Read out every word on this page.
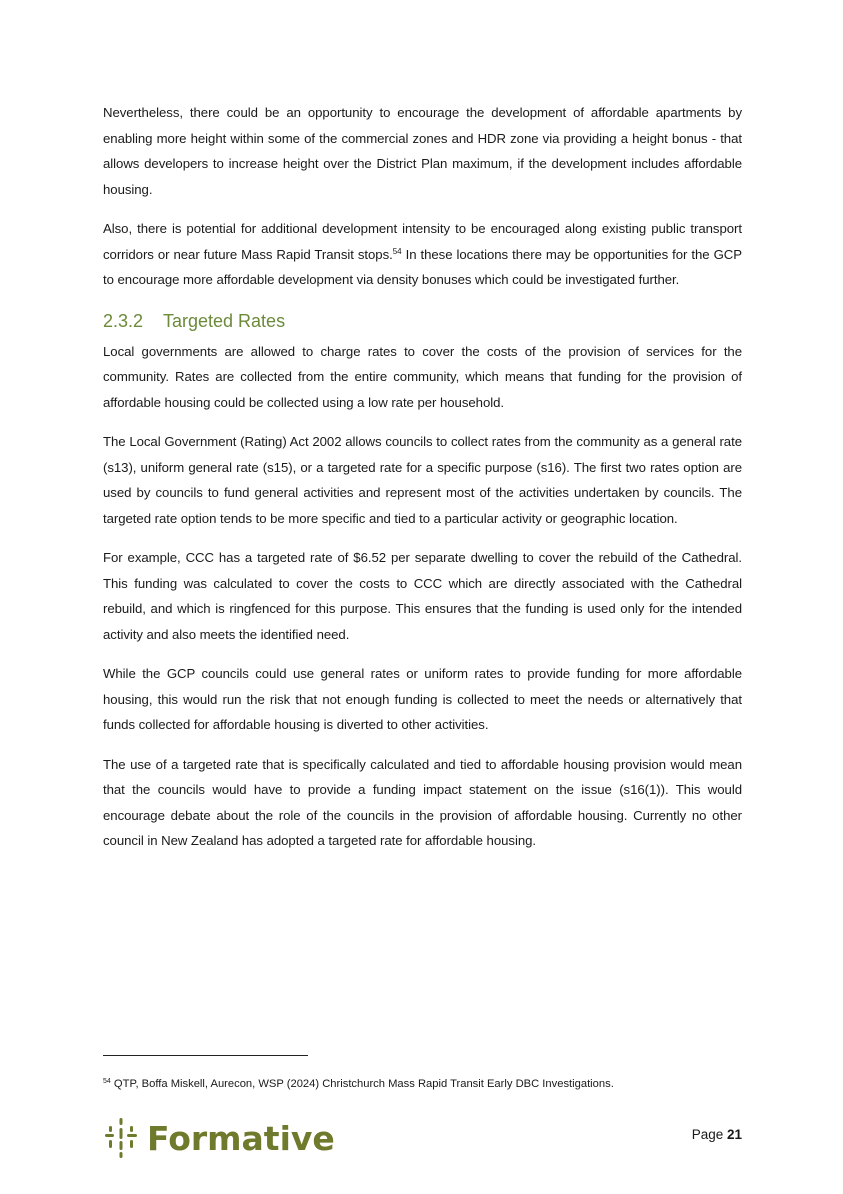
Nevertheless, there could be an opportunity to encourage the development of affordable apartments by enabling more height within some of the commercial zones and HDR zone via providing a height bonus - that allows developers to increase height over the District Plan maximum, if the development includes affordable housing.

Also, there is potential for additional development intensity to be encouraged along existing public transport corridors or near future Mass Rapid Transit stops.$^{54}$ In these locations there may be opportunities for the GCP to encourage more affordable development via density bonuses which could be investigated further.

2.3.2 Targeted Rates

Local governments are allowed to charge rates to cover the costs of the provision of services for the community. Rates are collected from the entire community, which means that funding for the provision of affordable housing could be collected using a low rate per household.

The Local Government (Rating) Act 2002 allows councils to collect rates from the community as a general rate (s13), uniform general rate (s15), or a targeted rate for a specific purpose (s16). The first two rates option are used by councils to fund general activities and represent most of the activities undertaken by councils. The targeted rate option tends to be more specific and tied to a particular activity or geographic location.

For example, CCC has a targeted rate of $6.52 per separate dwelling to cover the rebuild of the Cathedral. This funding was calculated to cover the costs to CCC which are directly associated with the Cathedral rebuild, and which is ringfenced for this purpose. This ensures that the funding is used only for the intended activity and also meets the identified need.

While the GCP councils could use general rates or uniform rates to provide funding for more affordable housing, this would run the risk that not enough funding is collected to meet the needs or alternatively that funds collected for affordable housing is diverted to other activities.

The use of a targeted rate that is specifically calculated and tied to affordable housing provision would mean that the councils would have to provide a funding impact statement on the issue (s16(1)). This would encourage debate about the role of the councils in the provision of affordable housing. Currently no other council in New Zealand has adopted a targeted rate for affordable housing.

$^{54}$ QTP, Boffa Miskell, Aurecon, WSP (2024) Christchurch Mass Rapid Transit Early DBC Investigations.
Formative	Page 21
